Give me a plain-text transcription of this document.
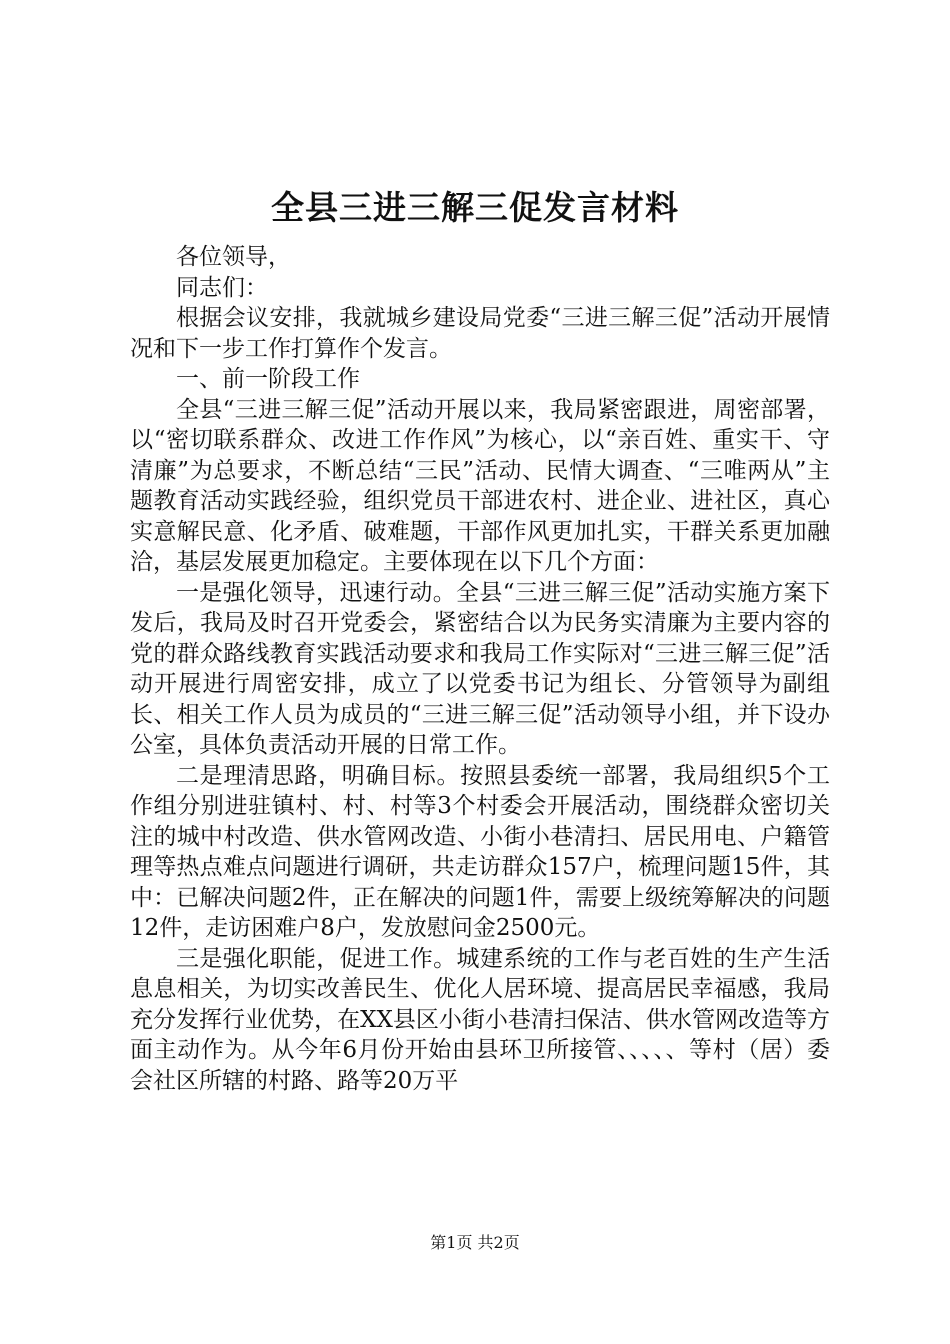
全县三进三解三促发言材料

各位领导，

同志们：

根据会议安排，我就城乡建设局党委“三进三解三促”活动开展情况和下一步工作打算作个发言。

一、前一阶段工作

全县“三进三解三促”活动开展以来，我局紧密跟进，周密部署，以“密切联系群众、改进工作作风”为核心，以“亲百姓、重实干、守清廉”为总要求，不断总结“三民”活动、民情大调查、“三唯两从”主题教育活动实践经验，组织党员干部进农村、进企业、进社区，真心实意解民意、化矛盾、破难题，干部作风更加扎实，干群关系更加融洽，基层发展更加稳定。主要体现在以下几个方面：

一是强化领导，迅速行动。全县“三进三解三促”活动实施方案下发后，我局及时召开党委会，紧密结合以为民务实清廉为主要内容的党的群众路线教育实践活动要求和我局工作实际对“三进三解三促”活动开展进行周密安排，成立了以党委书记为组长、分管领导为副组长、相关工作人员为成员的“三进三解三促”活动领导小组，并下设办公室，具体负责活动开展的日常工作。

二是理清思路，明确目标。按照县委统一部署，我局组织5个工作组分别进驻镇村、村、村等3个村委会开展活动，围绕群众密切关注的城中村改造、供水管网改造、小街小巷清扫、居民用电、户籍管理等热点难点问题进行调研，共走访群众157户，梳理问题15件，其中：已解决问题2件，正在解决的问题1件，需要上级统筹解决的问题12件，走访困难户8户，发放慰问金2500元。

三是强化职能，促进工作。城建系统的工作与老百姓的生产生活息息相关，为切实改善民生、优化人居环境、提高居民幸福感，我局充分发挥行业优势，在XX县区小街小巷清扫保洁、供水管网改造等方面主动作为。从今年6月份开始由县环卫所接管、、、、、等村（居）委会社区所辖的村路、路等20万平

第1页 共2页
